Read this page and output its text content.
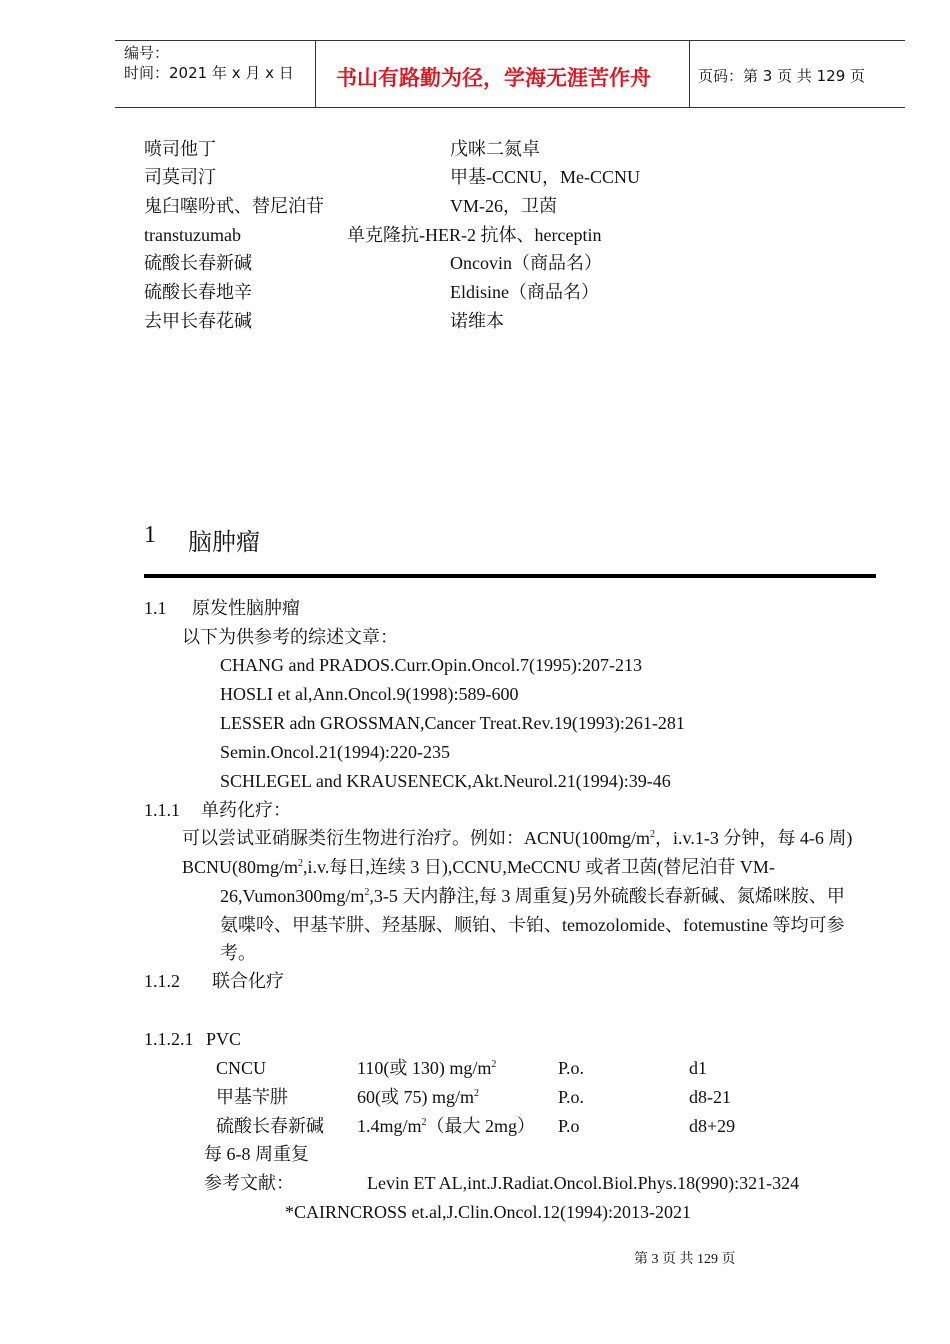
编号：
时间：2021 年 x 月 x 日 书山有路勤为径，学海无涯苦作舟	页码：第 3 页 共 129 页
喷司他丁	戊咪二氮卓
司莫司汀	甲基-CCNU，Me-CCNU
鬼臼噻吩甙、替尼泊苷	VM-26，卫茵
transtuzumab	单克隆抗-HER-2 抗体、herceptin
硫酸长春新碱	Oncovin（商品名）
硫酸长春地辛	Eldisine（商品名）
去甲长春花碱	诺维本
1 脑肿瘤
1.1 原发性脑肿瘤
以下为供参考的综述文章：
CHANG and PRADOS.Curr.Opin.Oncol.7(1995):207-213
HOSLI et al,Ann.Oncol.9(1998):589-600
LESSER adn GROSSMAN,Cancer Treat.Rev.19(1993):261-281
Semin.Oncol.21(1994):220-235
SCHLEGEL and KRAUSENECK,Akt.Neurol.21(1994):39-46
1.1.1 单药化疗：
可以尝试亚硝脲类衍生物进行治疗。例如：$ACNU(100mg/m^2$，i.v.1-3 分钟，每 4-6 周)
$BCNU(80mg/m^2,i.v$.每日,连续 3 日),CCNU,MeCCNU 或者卫茵(替尼泊苷 VM-
$26,Vumon300mg/m^2,3-5$ 天内静注,每 3 周重复)另外硫酸长春新碱、氮烯咪胺、甲
氨喋呤、甲基苄肼、羟基脲、顺铂、卡铂、temozolomide、fotemustine 等均可参
考。
1.1.2 联合化疗
1.1.2.1 PVC
CNCU	110(或 130) $mg/m^2$	P.o.	d1
甲基苄肼	60(或 75) $mg/m^2$	P.o.	d8-21
硫酸长春新碱 $1.4mg/m^2$（最大 2mg） P.o	d8+29
每 6-8 周重复
参考文献：	Levin ET AL,int.J.Radiat.Oncol.Biol.Phys.18(990):321-324
*CAIRNCROSS et.al,J.Clin.Oncol.12(1994):2013-2021
第 3 页 共 129 页
